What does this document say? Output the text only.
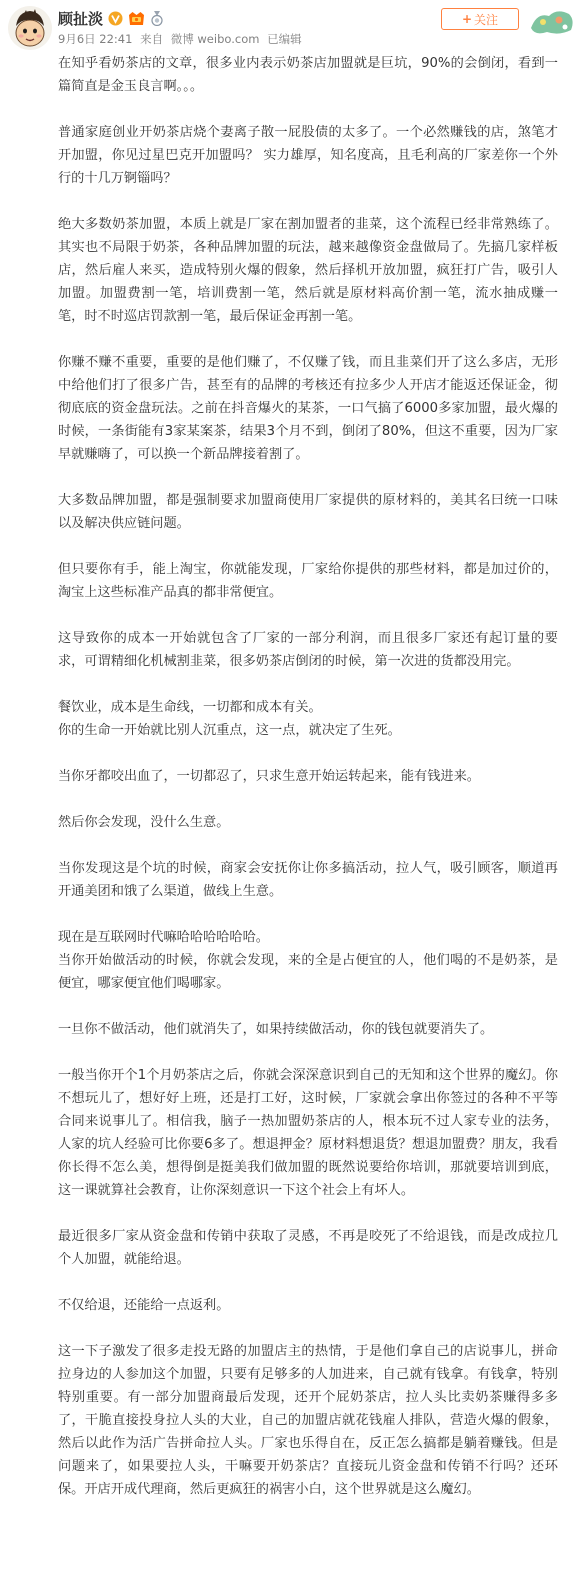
顾扯淡
9月6日 22:41 来自 微博 weibo.com 已编辑
+ 关注

在知乎看奶茶店的文章，很多业内表示奶茶店加盟就是巨坑，90%的会倒闭，看到一篇简直是金玉良言啊。。。

普通家庭创业开奶茶店烧个妻离子散一屁股债的太多了。一个必然赚钱的店，煞笔才开加盟，你见过星巴克开加盟吗？ 实力雄厚，知名度高，且毛利高的厂家差你一个外行的十几万锕锱吗？

绝大多数奶茶加盟，本质上就是厂家在割加盟者的韭菜，这个流程已经非常熟练了。其实也不局限于奶茶，各种品牌加盟的玩法，越来越像资金盘做局了。先搞几家样板店，然后雇人来买，造成特别火爆的假象，然后择机开放加盟，疯狂打广告，吸引人加盟。加盟费割一笔，培训费割一笔，然后就是原材料高价割一笔，流水抽成赚一笔，时不时巡店罚款割一笔，最后保证金再割一笔。

你赚不赚不重要，重要的是他们赚了，不仅赚了钱，而且韭菜们开了这么多店，无形中给他们打了很多广告，甚至有的品牌的考核还有拉多少人开店才能返还保证金，彻彻底底的资金盘玩法。之前在抖音爆火的某茶，一口气搞了6000多家加盟，最火爆的时候，一条街能有3家某案茶，结果3个月不到，倒闭了80%，但这不重要，因为厂家早就赚嗨了，可以换一个新品牌接着割了。

大多数品牌加盟，都是强制要求加盟商使用厂家提供的原材料的，美其名曰统一口味以及解决供应链问题。

但只要你有手，能上淘宝，你就能发现，厂家给你提供的那些材料，都是加过价的，淘宝上这些标准产品真的都非常便宜。

这导致你的成本一开始就包含了厂家的一部分利润，而且很多厂家还有起订量的要求，可谓精细化机械割韭菜，很多奶茶店倒闭的时候，第一次进的货都没用完。

餐饮业，成本是生命线，一切都和成本有关。
你的生命一开始就比别人沉重点，这一点，就决定了生死。

当你牙都咬出血了，一切都忍了，只求生意开始运转起来，能有钱进来。

然后你会发现，没什么生意。

当你发现这是个坑的时候，商家会安抚你让你多搞活动，拉人气，吸引顾客，顺道再开通美团和饿了么渠道，做线上生意。

现在是互联网时代嘛哈哈哈哈哈哈。
当你开始做活动的时候，你就会发现，来的全是占便宜的人，他们喝的不是奶茶，是便宜，哪家便宜他们喝哪家。

一旦你不做活动，他们就消失了，如果持续做活动，你的钱包就要消失了。

一般当你开个1个月奶茶店之后，你就会深深意识到自己的无知和这个世界的魔幻。你不想玩儿了，想好好上班，还是打工好，这时候，厂家就会拿出你签过的各种不平等合同来说事儿了。相信我，脑子一热加盟奶茶店的人，根本玩不过人家专业的法务，人家的坑人经验可比你要6多了。想退押金？原材料想退货？想退加盟费？朋友，我看你长得不怎么美，想得倒是挺美我们做加盟的既然说要给你培训，那就要培训到底，这一课就算社会教育，让你深刻意识一下这个社会上有坏人。

最近很多厂家从资金盘和传销中获取了灵感，不再是咬死了不给退钱，而是改成拉几个人加盟，就能给退。

不仅给退，还能给一点返利。

这一下子激发了很多走投无路的加盟店主的热情，于是他们拿自己的店说事儿，拼命拉身边的人参加这个加盟，只要有足够多的人加进来，自己就有钱拿。有钱拿，特别特别重要。有一部分加盟商最后发现，还开个屁奶茶店，拉人头比卖奶茶赚得多多了，干脆直接投身拉人头的大业，自己的加盟店就花钱雇人排队，营造火爆的假象，然后以此作为活广告拼命拉人头。厂家也乐得自在，反正怎么搞都是躺着赚钱。但是问题来了，如果要拉人头，干嘛要开奶茶店？直接玩儿资金盘和传销不行吗？还环保。开店开成代理商，然后更疯狂的祸害小白，这个世界就是这么魔幻。
